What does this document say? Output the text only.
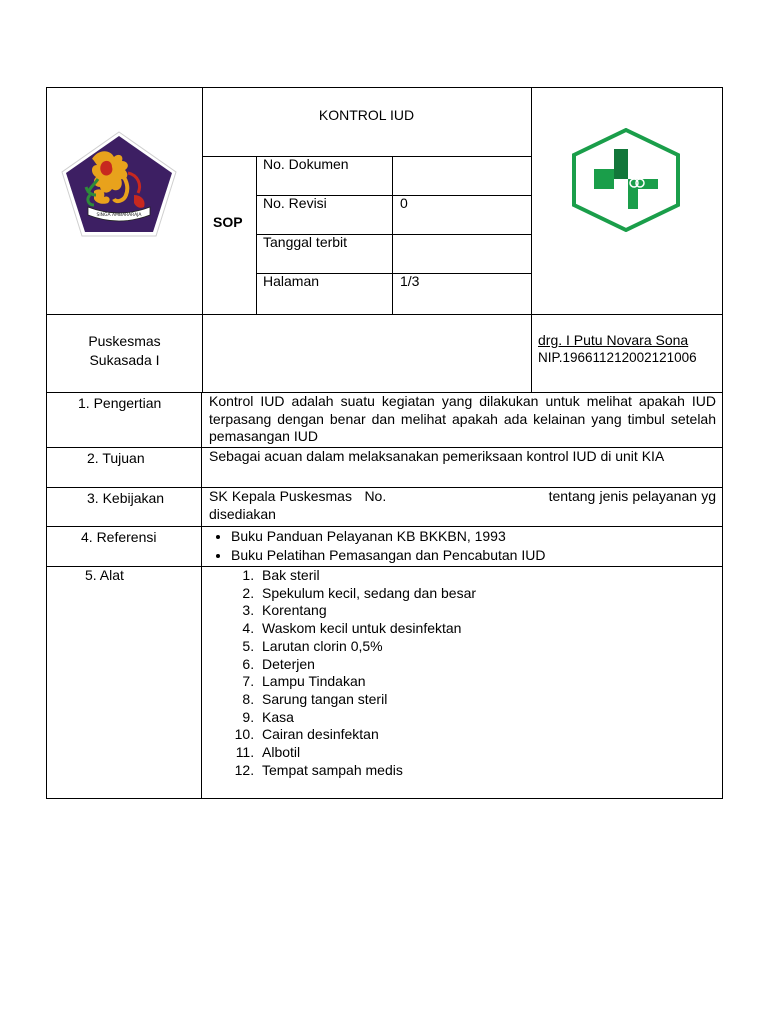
SINGA AMBARARAJA
KONTROL IUD
SOP
No. Dokumen
No. Revisi	0
Tanggal terbit
Halaman	1/3
Puskesmas
Sukasada I
drg. I Putu Novara Sona
NIP.196611212002121006
1. Pengertian	Kontrol IUD adalah suatu kegiatan yang dilakukan untuk melihat apakah IUD terpasang dengan benar dan melihat apakah ada kelainan yang timbul setelah pemasangan IUD
2. Tujuan	Sebagai acuan dalam melaksanakan pemeriksaan kontrol IUD di unit KIA
3. Kebijakan	SK Kepala Puskesmas   No.                                       tentang jenis pelayanan yg disediakan
4. Referensi	• Buku Panduan Pelayanan KB BKKBN, 1993
• Buku Pelatihan Pemasangan dan Pencabutan IUD
5. Alat	1. Bak steril
2. Spekulum kecil, sedang dan besar
3. Korentang
4. Waskom kecil untuk desinfektan
5. Larutan clorin 0,5%
6. Deterjen
7. Lampu Tindakan
8. Sarung tangan steril
9. Kasa
10. Cairan desinfektan
11. Albotil
12. Tempat sampah medis
